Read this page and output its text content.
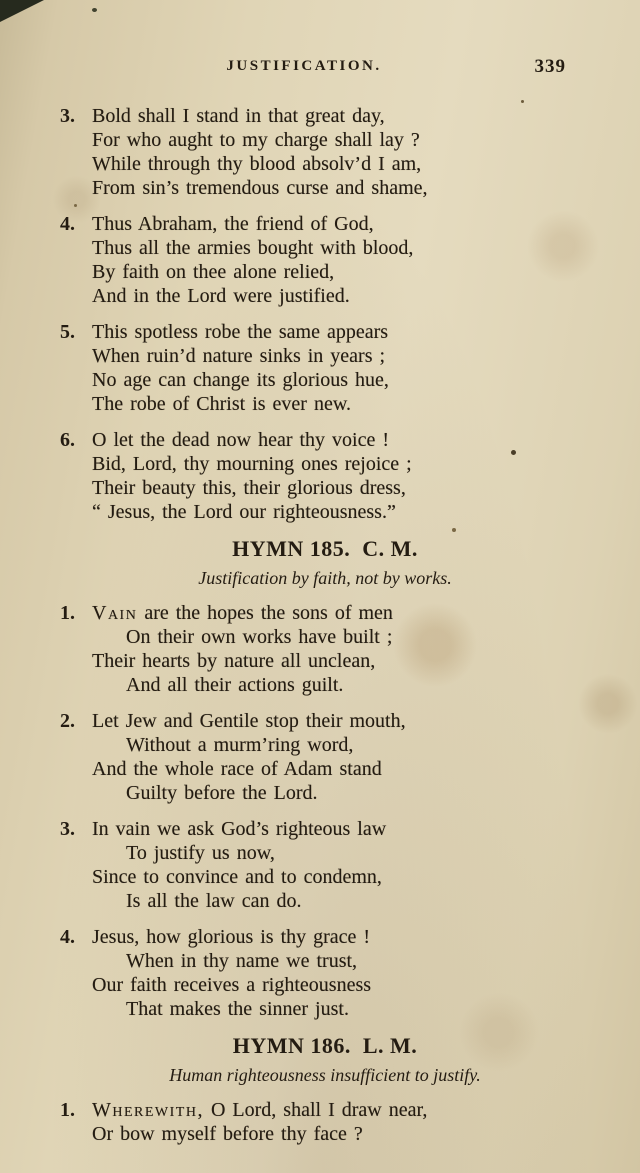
JUSTIFICATION.	339
3. Bold shall I stand in that great day,
For who aught to my charge shall lay ?
While through thy blood absolv’d I am,
From sin’s tremendous curse and shame,
4. Thus Abraham, the friend of God,
Thus all the armies bought with blood,
By faith on thee alone relied,
And in the Lord were justified.
5. This spotless robe the same appears
When ruin’d nature sinks in years ;
No age can change its glorious hue,
The robe of Christ is ever new.
6. O let the dead now hear thy voice !
Bid, Lord, thy mourning ones rejoice ;
Their beauty this, their glorious dress,
“ Jesus, the Lord our righteousness.”
HYMN 185.  C. M.
Justification by faith, not by works.
1. Vain are the hopes the sons of men
On their own works have built ;
Their hearts by nature all unclean,
And all their actions guilt.
2. Let Jew and Gentile stop their mouth,
Without a murm’ring word,
And the whole race of Adam stand
Guilty before the Lord.
3. In vain we ask God’s righteous law
To justify us now,
Since to convince and to condemn,
Is all the law can do.
4. Jesus, how glorious is thy grace !
When in thy name we trust,
Our faith receives a righteousness
That makes the sinner just.
HYMN 186.  L. M.
Human righteousness insufficient to justify.
1. Wherewith, O Lord, shall I draw near,
Or bow myself before thy face ?
